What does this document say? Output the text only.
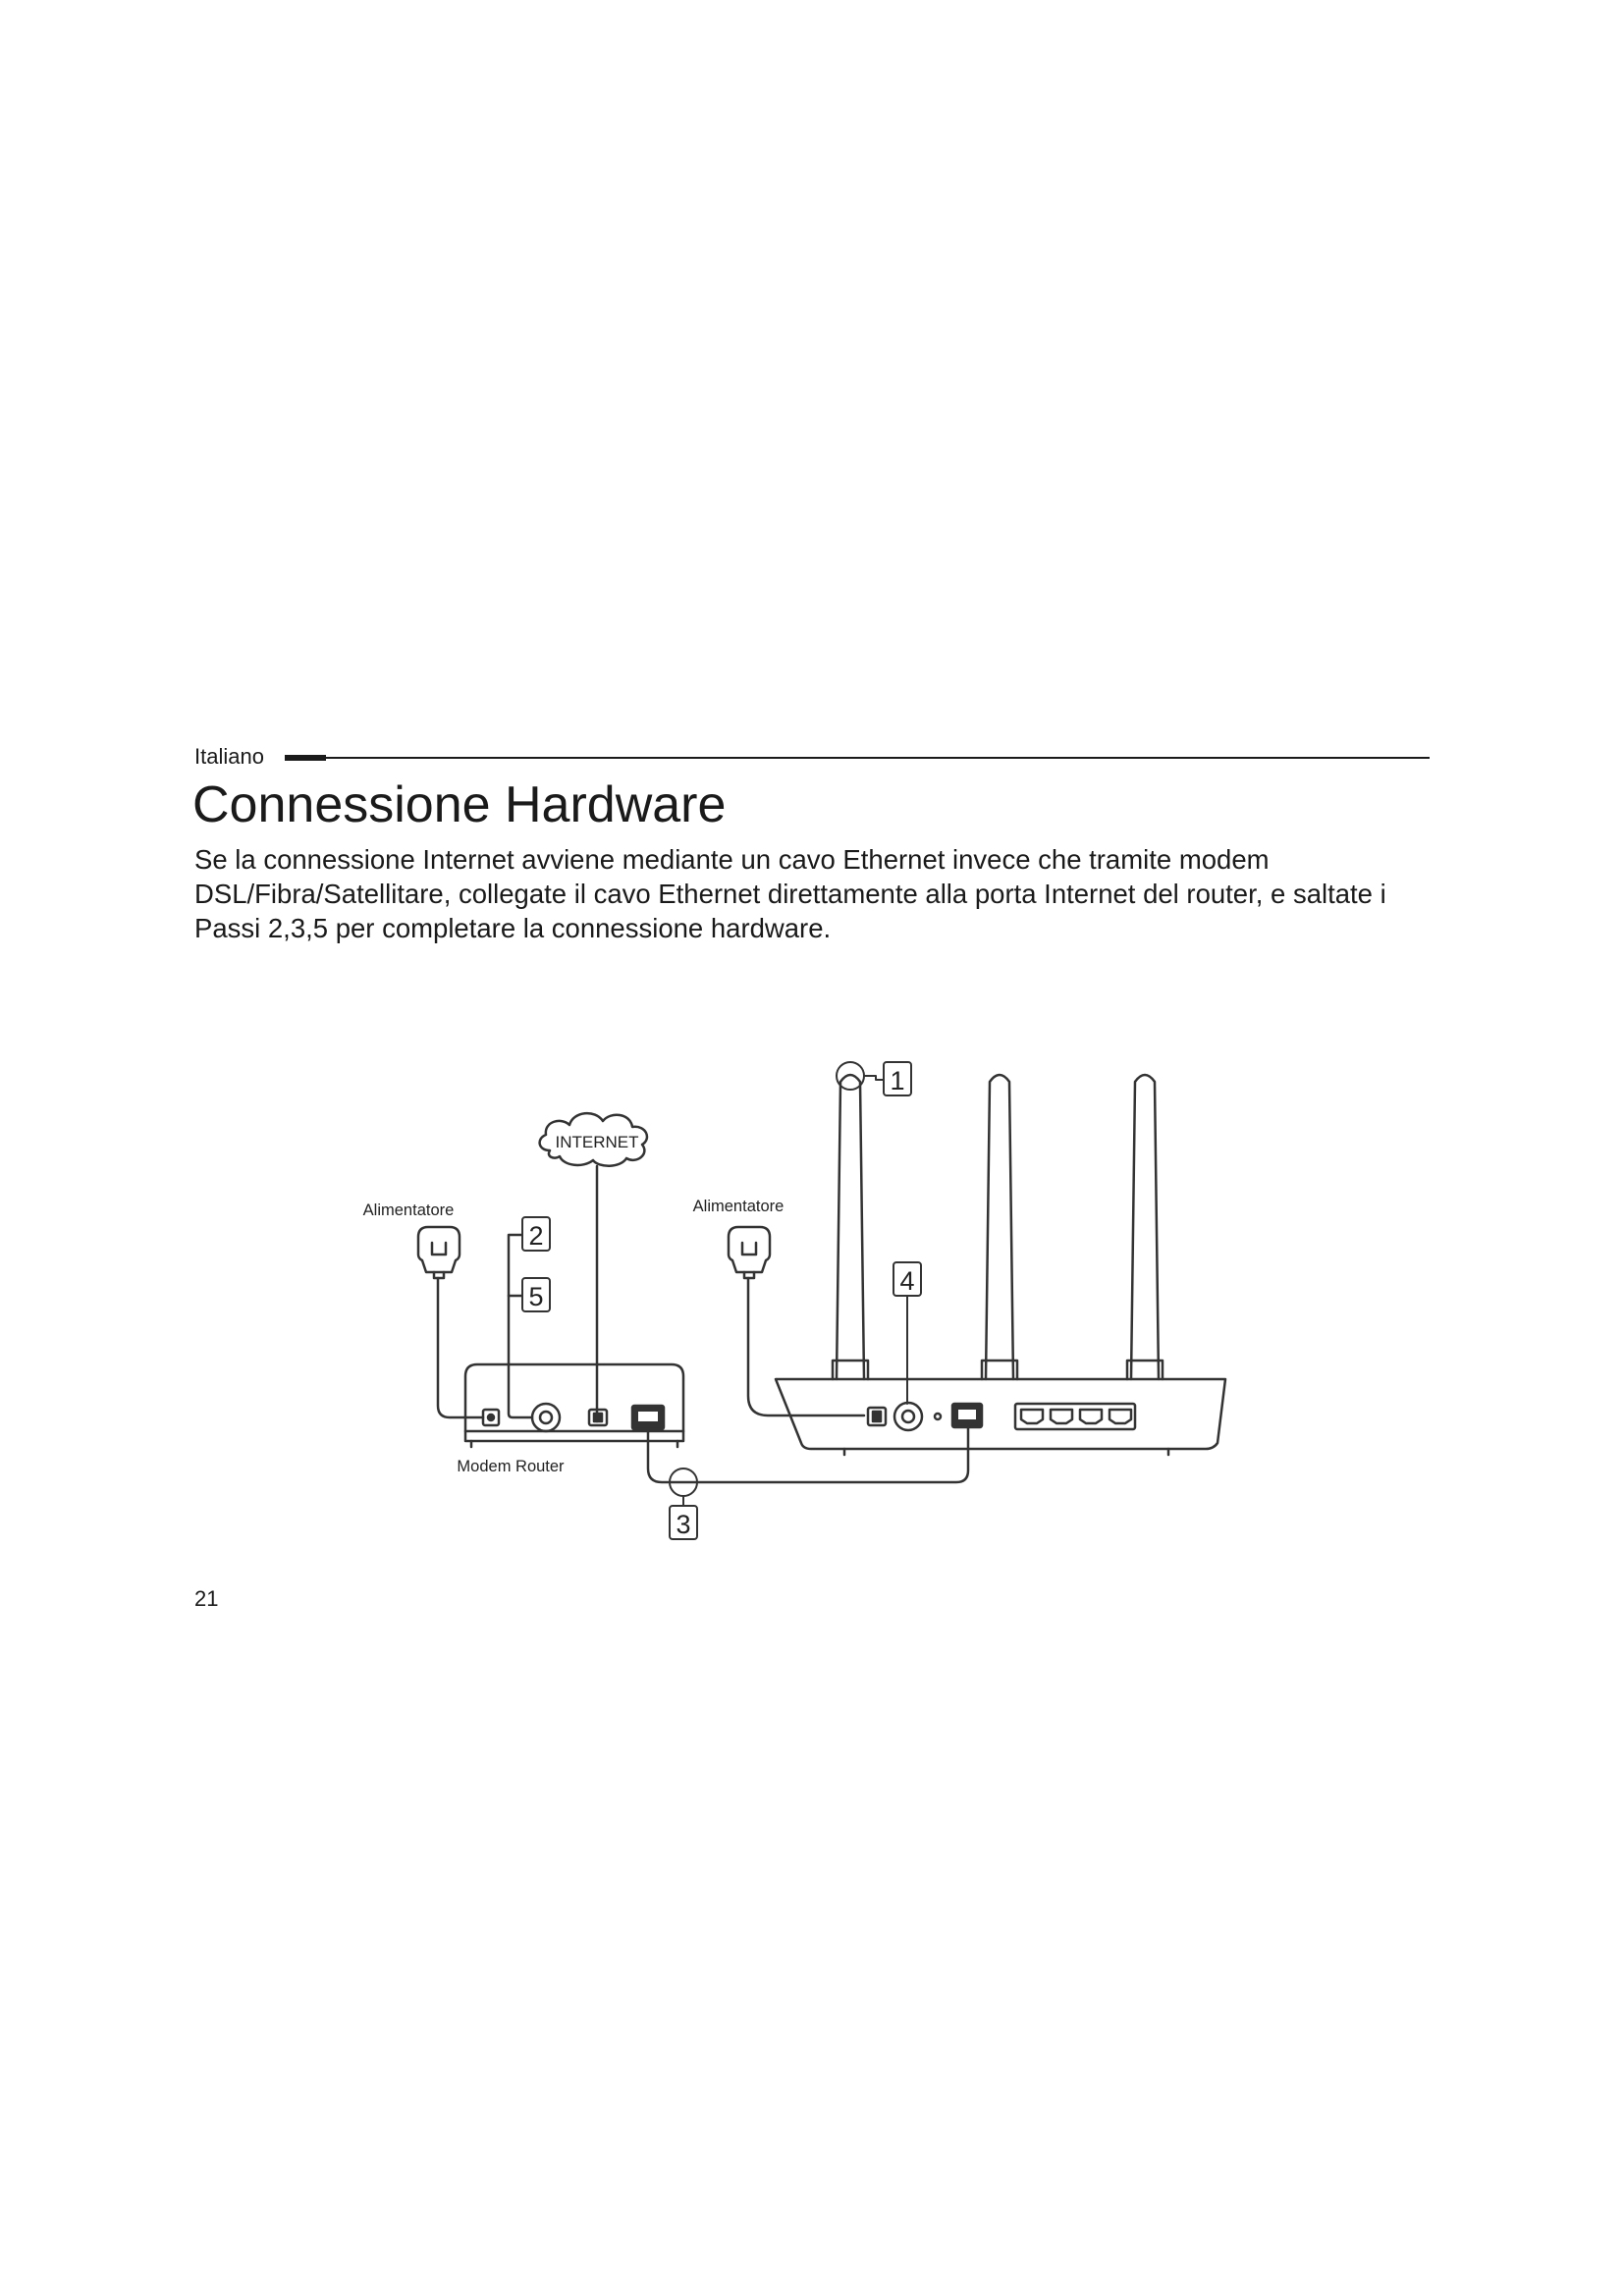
Italiano
Connessione Hardware

Se la connessione Internet avviene mediante un cavo Ethernet invece che tramite modem DSL/Fibra/Satellitare, collegate il cavo Ethernet direttamente alla porta Internet del router, e saltate i Passi 2,3,5 per completare la connessione hardware.

INTERNET
Alimentatore	Alimentatore
Modem Router
1
2
3
4
5
21
